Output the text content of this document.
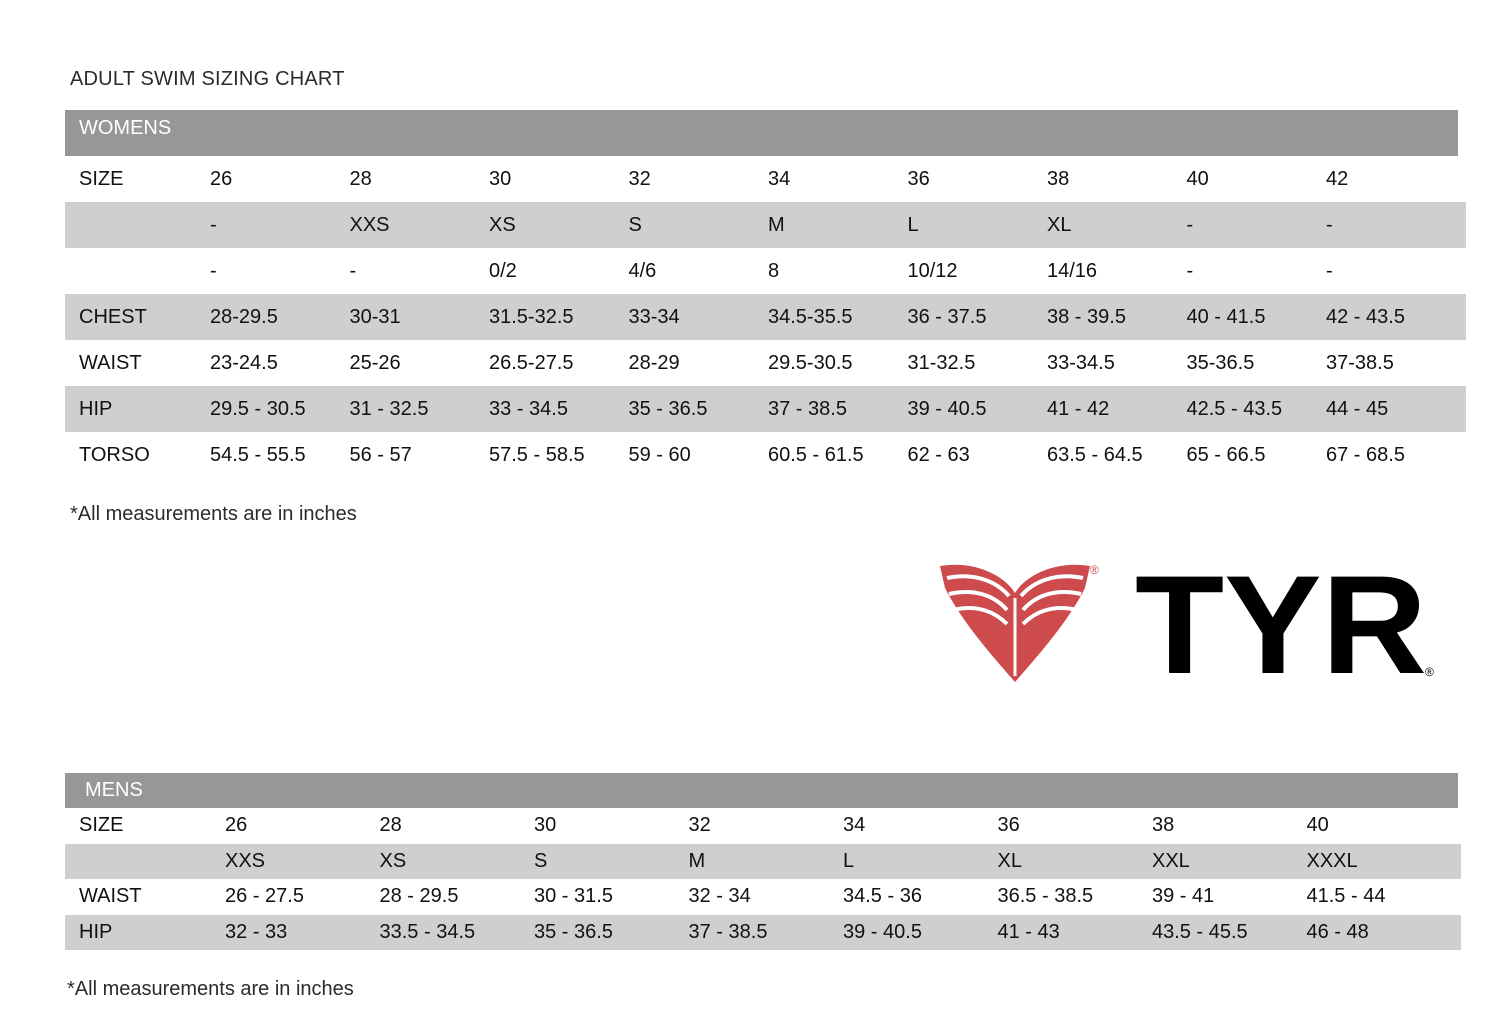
ADULT SWIM SIZING CHART
WOMENS
SIZE	26	28	30	32	34	36	38	40	42
	-	XXS	XS	S	M	L	XL	-	-
	-	-	0/2	4/6	8	10/12	14/16	-	-
CHEST	28-29.5	30-31	31.5-32.5	33-34	34.5-35.5	36 - 37.5	38 - 39.5	40 - 41.5	42 - 43.5
WAIST	23-24.5	25-26	26.5-27.5	28-29	29.5-30.5	31-32.5	33-34.5	35-36.5	37-38.5
HIP	29.5 - 30.5	31 - 32.5	33 - 34.5	35 - 36.5	37 - 38.5	39 - 40.5	41 - 42	42.5 - 43.5	44 - 45
TORSO	54.5 - 55.5	56 - 57	57.5 - 58.5	59 - 60	60.5 - 61.5	62 - 63	63.5 - 64.5	65 - 66.5	67 - 68.5
*All measurements are in inches
® TYR
®
MENS
SIZE	26	28	30	32	34	36	38	40
	XXS	XS	S	M	L	XL	XXL	XXXL
WAIST	26 - 27.5	28 - 29.5	30 - 31.5	32 - 34	34.5 - 36	36.5 - 38.5	39 - 41	41.5 - 44
HIP	32 - 33	33.5 - 34.5	35 - 36.5	37 - 38.5	39 - 40.5	41 - 43	43.5 - 45.5	46 - 48
*All measurements are in inches
